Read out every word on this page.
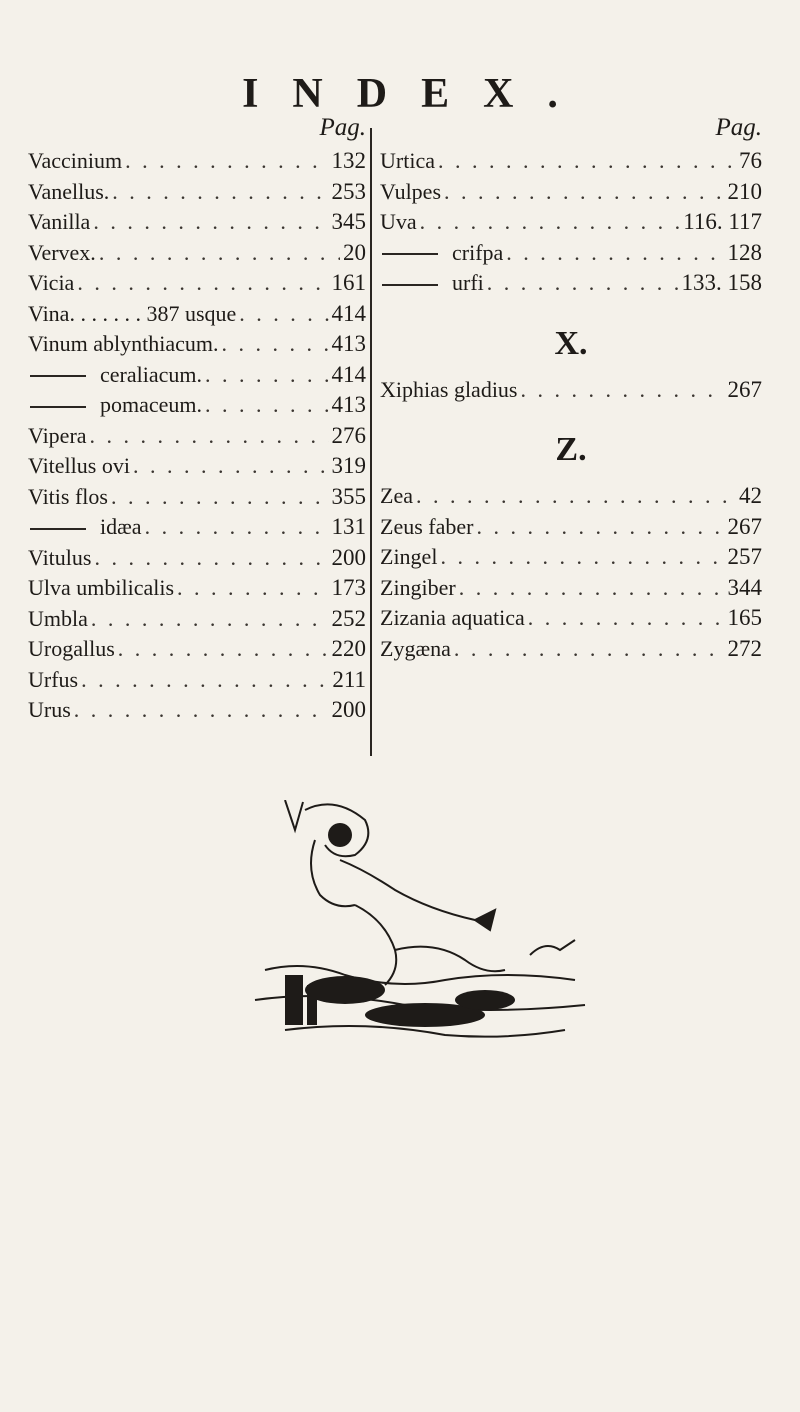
INDEX.
Pag.
Vaccinium . . .	132
Vanellus. . . .	253
Vanilla . . .	345
Vervex. . . .	20
Vicia . . .	161
Vina. . . . . . . 387 usque . . .	414
Vinum ablynthiacum. . . .	413
ceraliacum. . . .	414
pomaceum. . . .	413
Vipera . . .	276
Vitellus ovi . . .	319
Vitis flos . . .	355
idæa . . .	131
Vitulus . . .	200
Ulva umbilicalis . . .	173
Umbla . . .	252
Urogallus . . .	220
Urfus . . .	211
Urus . . .	200
Pag.
Urtica . . .	76
Vulpes . . .	210
Uva . . .	116. 117
crifpa . . .	128
urfi . . .	133. 158
X.
Xiphias gladius . . .	267
Z.
Zea . . .	42
Zeus faber . . .	267
Zingel . . .	257
Zingiber . . .	344
Zizania aquatica . . .	165
Zygæna . . .	272
